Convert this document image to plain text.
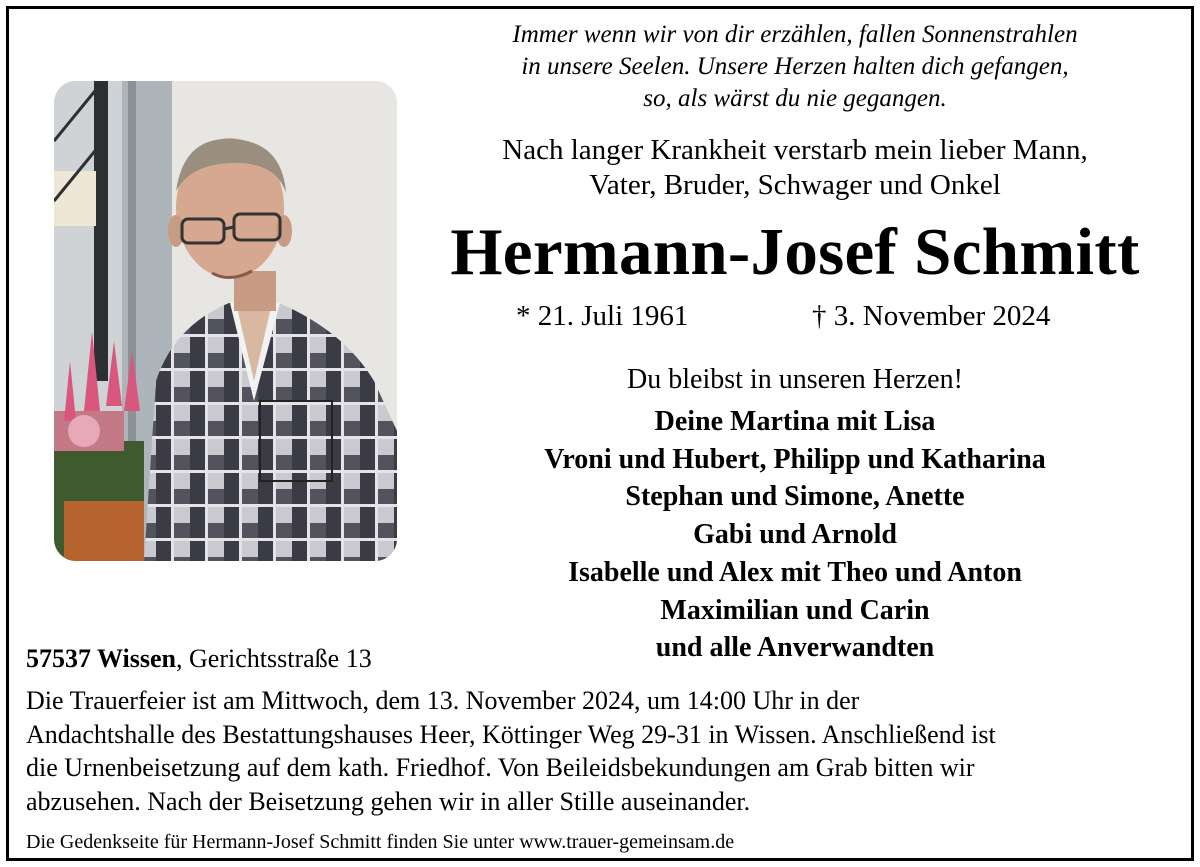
Immer wenn wir von dir erzählen, fallen Sonnenstrahlen
in unsere Seelen. Unsere Herzen halten dich gefangen,
so, als wärst du nie gegangen.
Nach langer Krankheit verstarb mein lieber Mann,
Vater, Bruder, Schwager und Onkel
Hermann-Josef Schmitt
* 21. Juli 1961	† 3. November 2024
Du bleibst in unseren Herzen!
Deine Martina mit Lisa
Vroni und Hubert, Philipp und Katharina
Stephan und Simone, Anette
Gabi und Arnold
Isabelle und Alex mit Theo und Anton
Maximilian und Carin
und alle Anverwandten
57537 Wissen, Gerichtsstraße 13
Die Trauerfeier ist am Mittwoch, dem 13. November 2024, um 14:00 Uhr in der
Andachtshalle des Bestattungshauses Heer, Köttinger Weg 29-31 in Wissen. Anschließend ist
die Urnenbeisetzung auf dem kath. Friedhof. Von Beileidsbekundungen am Grab bitten wir
abzusehen. Nach der Beisetzung gehen wir in aller Stille auseinander.
Die Gedenkseite für Hermann-Josef Schmitt finden Sie unter www.trauer-gemeinsam.de
